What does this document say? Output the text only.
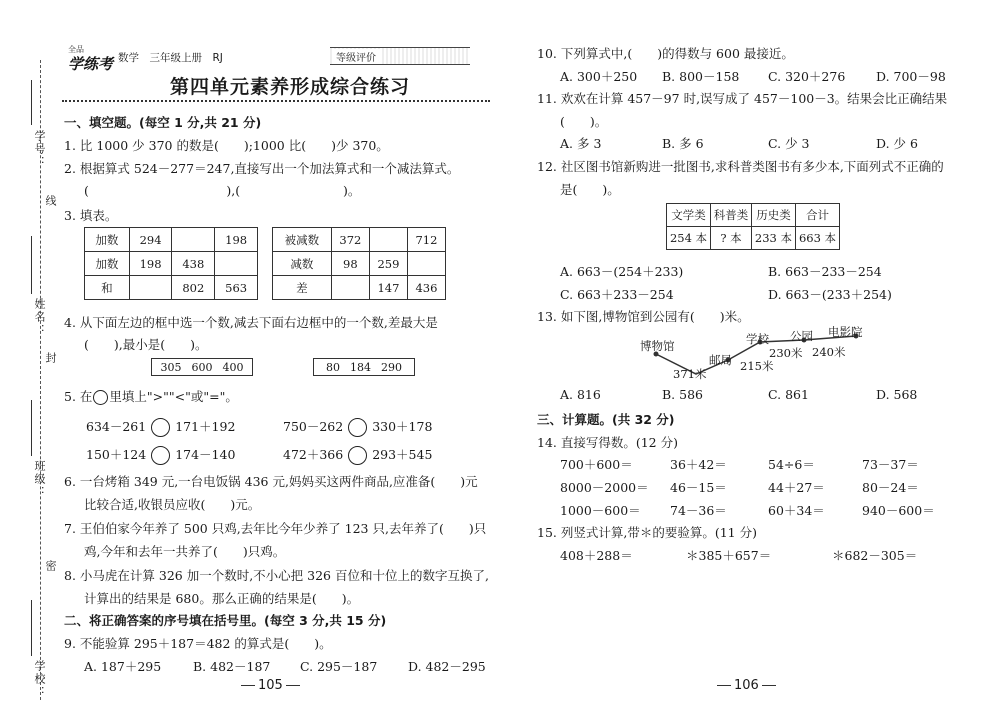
学号：
线
姓名：
封
班级：
密
学校：
全品
学练考 数学　三年级上册　RJ	等级评价
第四单元素养形成综合练习
一、填空题。(每空 1 分,共 21 分)
1. 比 1000 少 370 的数是(　　);1000 比(　　)少 370。
2. 根据算式 524－277＝247,直接写出一个加法算式和一个减法算式。
(　　　　　　　　　　　),(	)。
3. 填表。
加数	294		198
加数	198	438	
和		802	563
被减数	372		712
减数	98	259	
差		147	436
4. 从下面左边的框中选一个数,减去下面右边框中的一个数,差最大是
(　　),最小是(　　)。
305 600 400	80 184 290
5. 在 里填上">""<"或"="。
634－261 171＋192	750－262 330＋178
150＋124 174－140	472＋366 293＋545
6. 一台烤箱 349 元,一台电饭锅 436 元,妈妈买这两件商品,应准备(　　)元
比较合适,收银员应收(　　)元。
7. 王伯伯家今年养了 500 只鸡,去年比今年少养了 123 只,去年养了(　　)只
鸡,今年和去年一共养了(　　)只鸡。
8. 小马虎在计算 326 加一个数时,不小心把 326 百位和十位上的数字互换了,
计算出的结果是 680。那么正确的结果是(　　)。
二、将正确答案的序号填在括号里。(每空 3 分,共 15 分)
9. 不能验算 295＋187＝482 的算式是(　　)。
A. 187＋295	B. 482－187 C. 295－187 D. 482－295
105
10. 下列算式中,(　　)的得数与 600 最接近。
A. 300＋250 B. 800－158 C. 320＋276 D. 700－98
11. 欢欢在计算 457－97 时,误写成了 457－100－3。结果会比正确结果
(　　)。
A. 多 3	B. 多 6	C. 少 3	D. 少 6
12. 社区图书馆新购进一批图书,求科普类图书有多少本,下面列式不正确的
是(　　)。
文学类	科普类	历史类	合计
254 本	? 本	233 本	663 本
A. 663－(254＋233)	B. 663－233－254
C. 663＋233－254	D. 663－(233＋254)
13. 如下图,博物馆到公园有(　　)米。
博物馆
邮局
学校 公园 电影院
371米
215米
230米 240米
A. 816	B. 586	C. 861	D. 568
三、计算题。(共 32 分)
14. 直接写得数。(12 分)
700＋600＝	36＋42＝	54÷6＝	73－37＝
8000－2000＝ 46－15＝	44＋27＝	80－24＝
1000－600＝ 74－36＝	60＋34＝	940－600＝
15. 列竖式计算,带＊的要验算。(11 分)
408＋288＝	＊385＋657＝	＊682－305＝
106
